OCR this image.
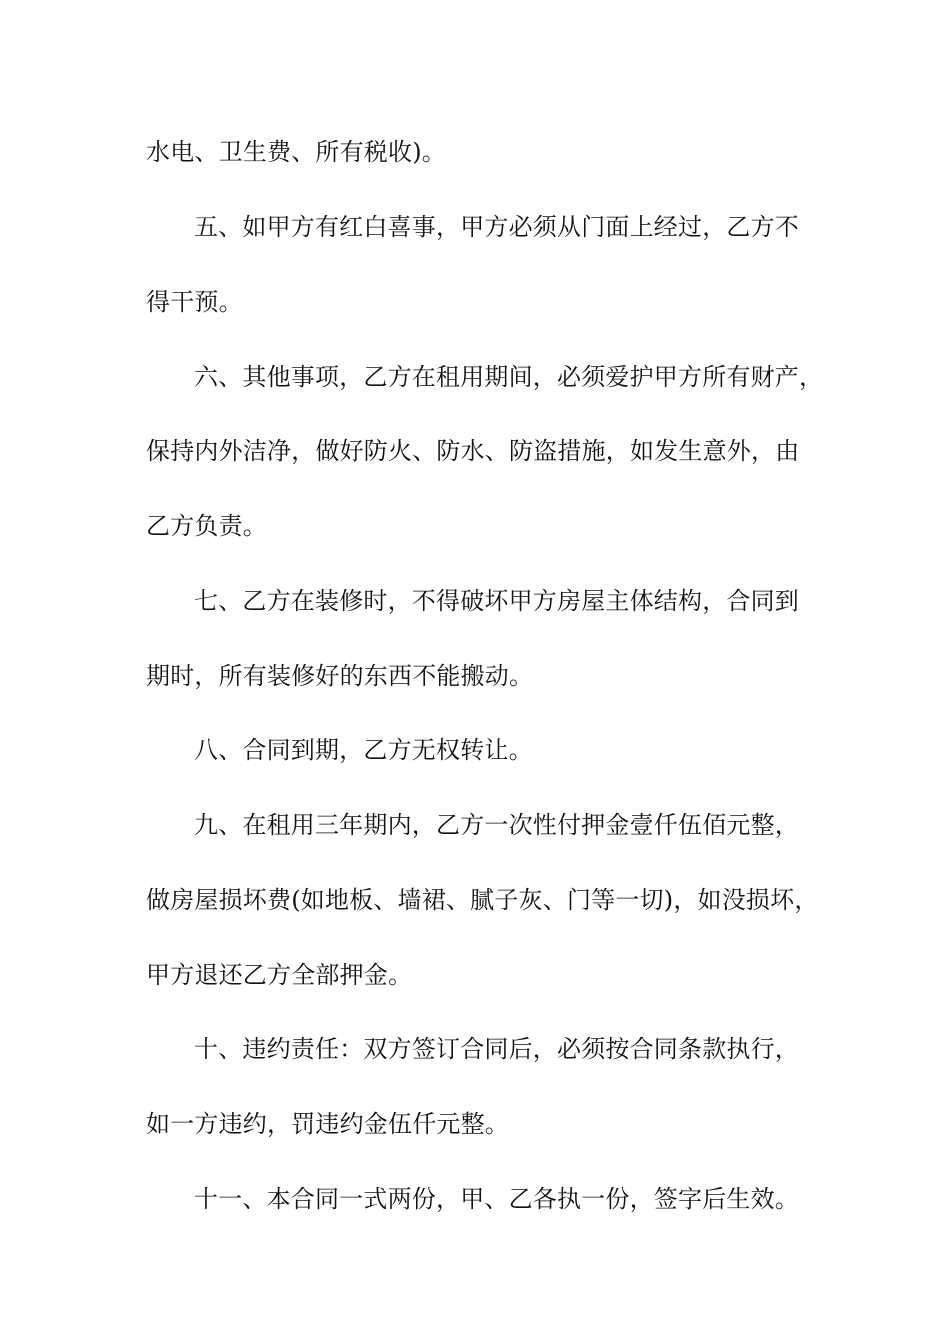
水电、卫生费、所有税收)。
五、如甲方有红白喜事，甲方必须从门面上经过，乙方不
得干预。
六、其他事项，乙方在租用期间，必须爱护甲方所有财产，
保持内外洁净，做好防火、防水、防盗措施，如发生意外，由
乙方负责。
七、乙方在装修时，不得破坏甲方房屋主体结构，合同到
期时，所有装修好的东西不能搬动。
八、合同到期，乙方无权转让。
九、在租用三年期内，乙方一次性付押金壹仟伍佰元整，
做房屋损坏费(如地板、墙裙、腻子灰、门等一切)，如没损坏，
甲方退还乙方全部押金。
十、违约责任：双方签订合同后，必须按合同条款执行，
如一方违约，罚违约金伍仟元整。
十一、本合同一式两份，甲、乙各执一份，签字后生效。
